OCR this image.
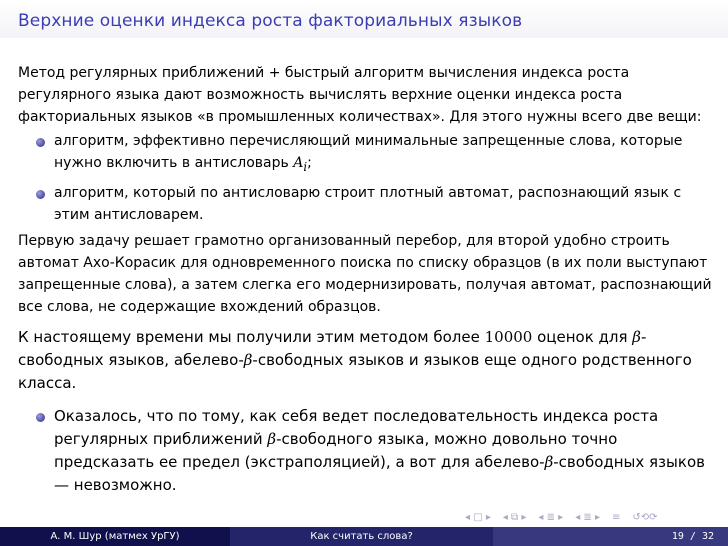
Верхние оценки индекса роста факториальных языков

Метод регулярных приближений + быстрый алгоритм вычисления индекса роста регулярного языка дают возможность вычислять верхние оценки индекса роста факториальных языков «в промышленных количествах». Для этого нужны всего две вещи:

алгоритм, эффективно перечисляющий минимальные запрещенные слова, которые нужно включить в антисловарь $A_i$;
алгоритм, который по антисловарю строит плотный автомат, распознающий язык с этим антисловарем.

Первую задачу решает грамотно организованный перебор, для второй удобно строить автомат Ахо-Корасик для одновременного поиска по списку образцов (в их поли выступают запрещенные слова), а затем слегка его модернизировать, получая автомат, распознающий все слова, не содержащие вхождений образцов.

К настоящему времени мы получили этим методом более 10000 оценок для β-свободных языков, абелево-β-свободных языков и языков еще одного родственного класса.

Оказалось, что по тому, как себя ведет последовательность индекса роста регулярных приближений β-свободного языка, можно довольно точно предсказать ее предел (экстраполяцией), а вот для абелево-β-свободных языков — невозможно.
◂ □ ▸ ◂ ⧉ ▸ ◂ ≣ ▸ ◂ ≣ ▸ ≡ ↺⟲⟳
А. М. Шур (матмех УрГУ)	Как считать слова?	19 / 32
